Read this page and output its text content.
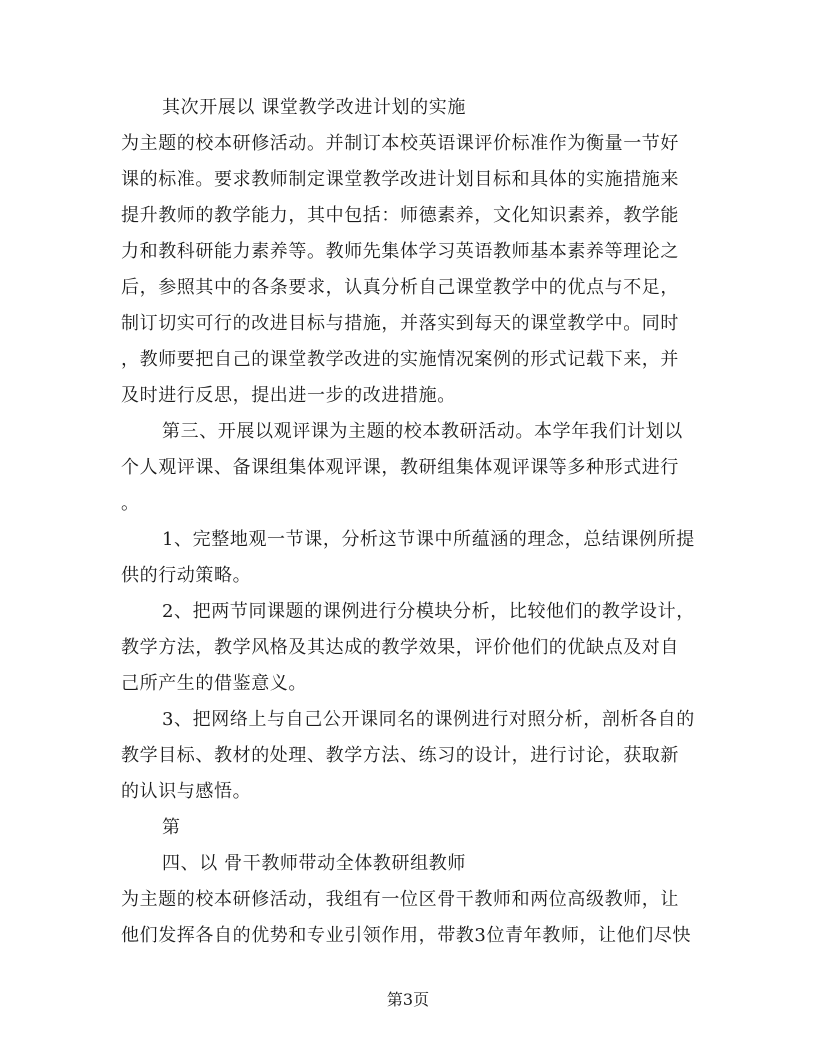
其次开展以 课堂教学改进计划的实施
为主题的校本研修活动。并制订本校英语课评价标准作为衡量一节好
课的标准。要求教师制定课堂教学改进计划目标和具体的实施措施来
提升教师的教学能力，其中包括：师德素养，文化知识素养，教学能
力和教科研能力素养等。教师先集体学习英语教师基本素养等理论之
后，参照其中的各条要求，认真分析自己课堂教学中的优点与不足，
制订切实可行的改进目标与措施，并落实到每天的课堂教学中。同时
，教师要把自己的课堂教学改进的实施情况案例的形式记载下来，并
及时进行反思，提出进一步的改进措施。
第三、开展以观评课为主题的校本教研活动。本学年我们计划以
个人观评课、备课组集体观评课，教研组集体观评课等多种形式进行
。
1、完整地观一节课，分析这节课中所蕴涵的理念，总结课例所提
供的行动策略。
2、把两节同课题的课例进行分模块分析，比较他们的教学设计，
教学方法，教学风格及其达成的教学效果，评价他们的优缺点及对自
己所产生的借鉴意义。
3、把网络上与自己公开课同名的课例进行对照分析，剖析各自的
教学目标、教材的处理、教学方法、练习的设计，进行讨论，获取新
的认识与感悟。
第
四、以 骨干教师带动全体教研组教师
为主题的校本研修活动，我组有一位区骨干教师和两位高级教师，让
他们发挥各自的优势和专业引领作用，带教3位青年教师，让他们尽快
第3页
